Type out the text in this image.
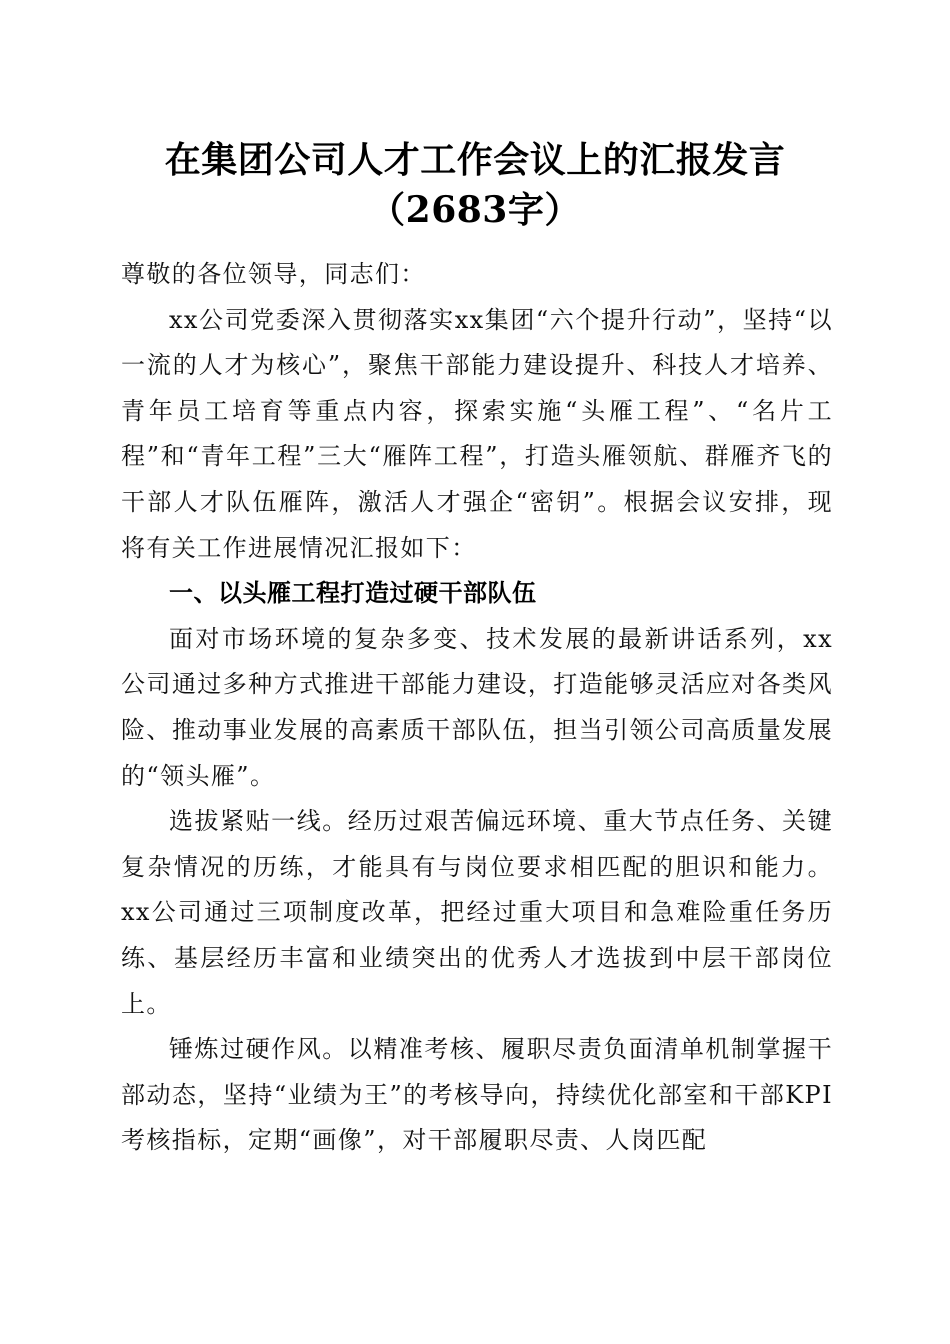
在集团公司人才工作会议上的汇报发言（2683字）

尊敬的各位领导，同志们：

xx公司党委深入贯彻落实xx集团“六个提升行动”，坚持“以一流的人才为核心”，聚焦干部能力建设提升、科技人才培养、青年员工培育等重点内容，探索实施“头雁工程”、“名片工程”和“青年工程”三大“雁阵工程”，打造头雁领航、群雁齐飞的干部人才队伍雁阵，激活人才强企“密钥”。根据会议安排，现将有关工作进展情况汇报如下：

一、以头雁工程打造过硬干部队伍

面对市场环境的复杂多变、技术发展的最新讲话系列，xx公司通过多种方式推进干部能力建设，打造能够灵活应对各类风险、推动事业发展的高素质干部队伍，担当引领公司高质量发展的“领头雁”。

选拔紧贴一线。经历过艰苦偏远环境、重大节点任务、关键复杂情况的历练，才能具有与岗位要求相匹配的胆识和能力。xx公司通过三项制度改革，把经过重大项目和急难险重任务历练、基层经历丰富和业绩突出的优秀人才选拔到中层干部岗位上。

锤炼过硬作风。以精准考核、履职尽责负面清单机制掌握干部动态，坚持“业绩为王”的考核导向，持续优化部室和干部KPI考核指标，定期“画像”，对干部履职尽责、人岗匹配
